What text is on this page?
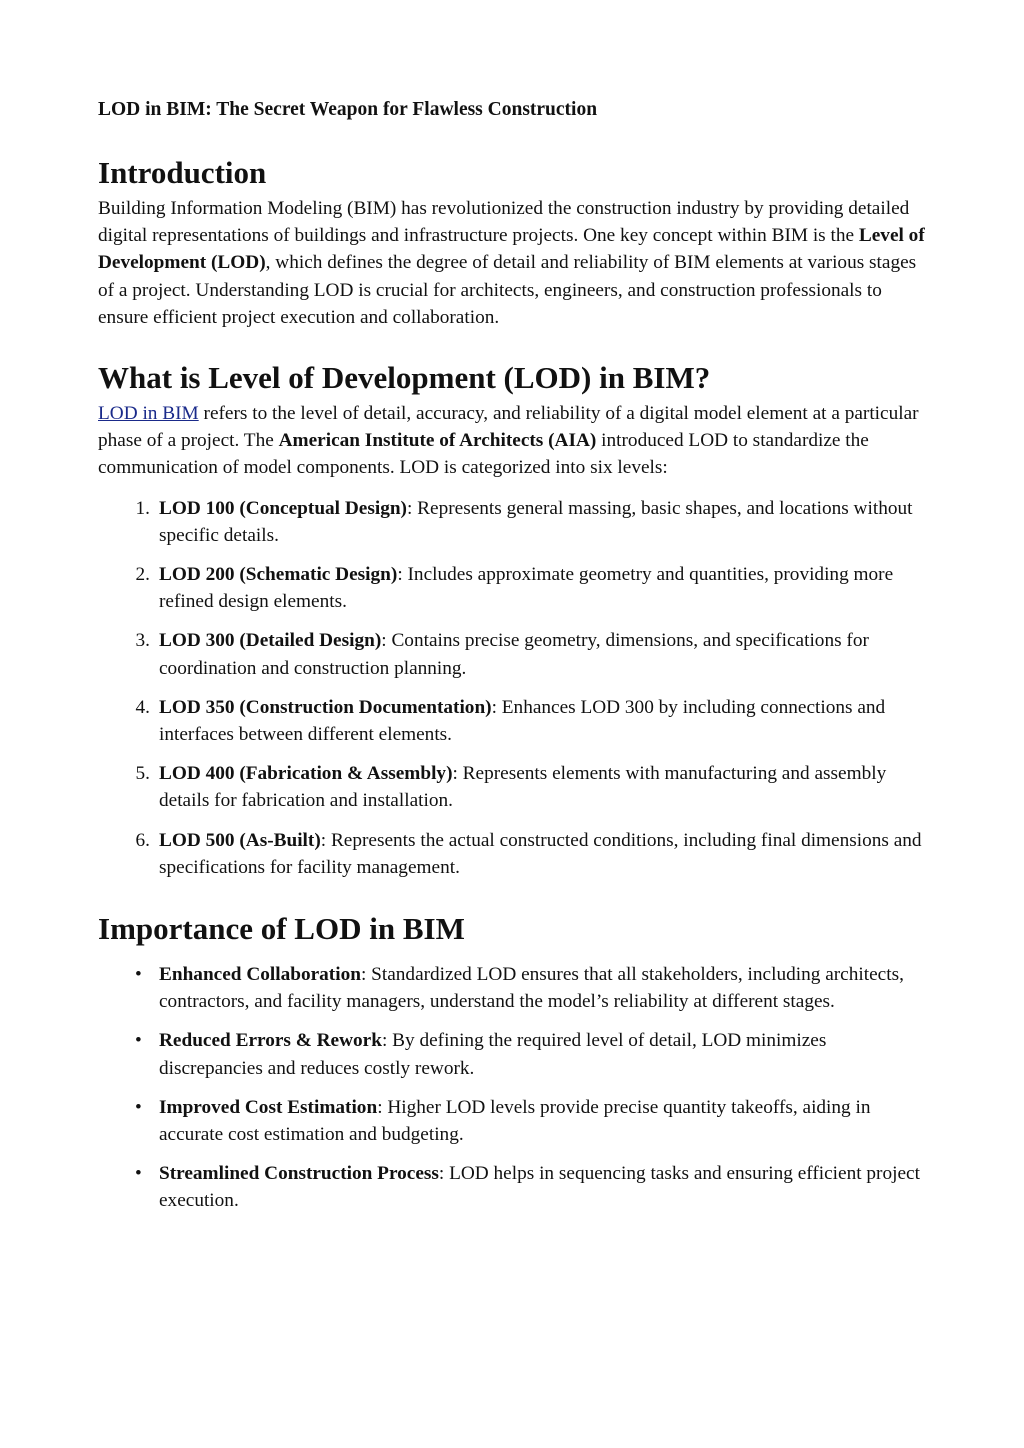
LOD in BIM: The Secret Weapon for Flawless Construction

Introduction

Building Information Modeling (BIM) has revolutionized the construction industry by providing detailed digital representations of buildings and infrastructure projects. One key concept within BIM is the Level of Development (LOD), which defines the degree of detail and reliability of BIM elements at various stages of a project. Understanding LOD is crucial for architects, engineers, and construction professionals to ensure efficient project execution and collaboration.

What is Level of Development (LOD) in BIM?

LOD in BIM refers to the level of detail, accuracy, and reliability of a digital model element at a particular phase of a project. The American Institute of Architects (AIA) introduced LOD to standardize the communication of model components. LOD is categorized into six levels:

1. LOD 100 (Conceptual Design): Represents general massing, basic shapes, and locations without specific details.
2. LOD 200 (Schematic Design): Includes approximate geometry and quantities, providing more refined design elements.
3. LOD 300 (Detailed Design): Contains precise geometry, dimensions, and specifications for coordination and construction planning.
4. LOD 350 (Construction Documentation): Enhances LOD 300 by including connections and interfaces between different elements.
5. LOD 400 (Fabrication & Assembly): Represents elements with manufacturing and assembly details for fabrication and installation.
6. LOD 500 (As-Built): Represents the actual constructed conditions, including final dimensions and specifications for facility management.
Importance of LOD in BIM
• Enhanced Collaboration: Standardized LOD ensures that all stakeholders, including architects, contractors, and facility managers, understand the model’s reliability at different stages.
• Reduced Errors & Rework: By defining the required level of detail, LOD minimizes discrepancies and reduces costly rework.
• Improved Cost Estimation: Higher LOD levels provide precise quantity takeoffs, aiding in accurate cost estimation and budgeting.
• Streamlined Construction Process: LOD helps in sequencing tasks and ensuring efficient project execution.
